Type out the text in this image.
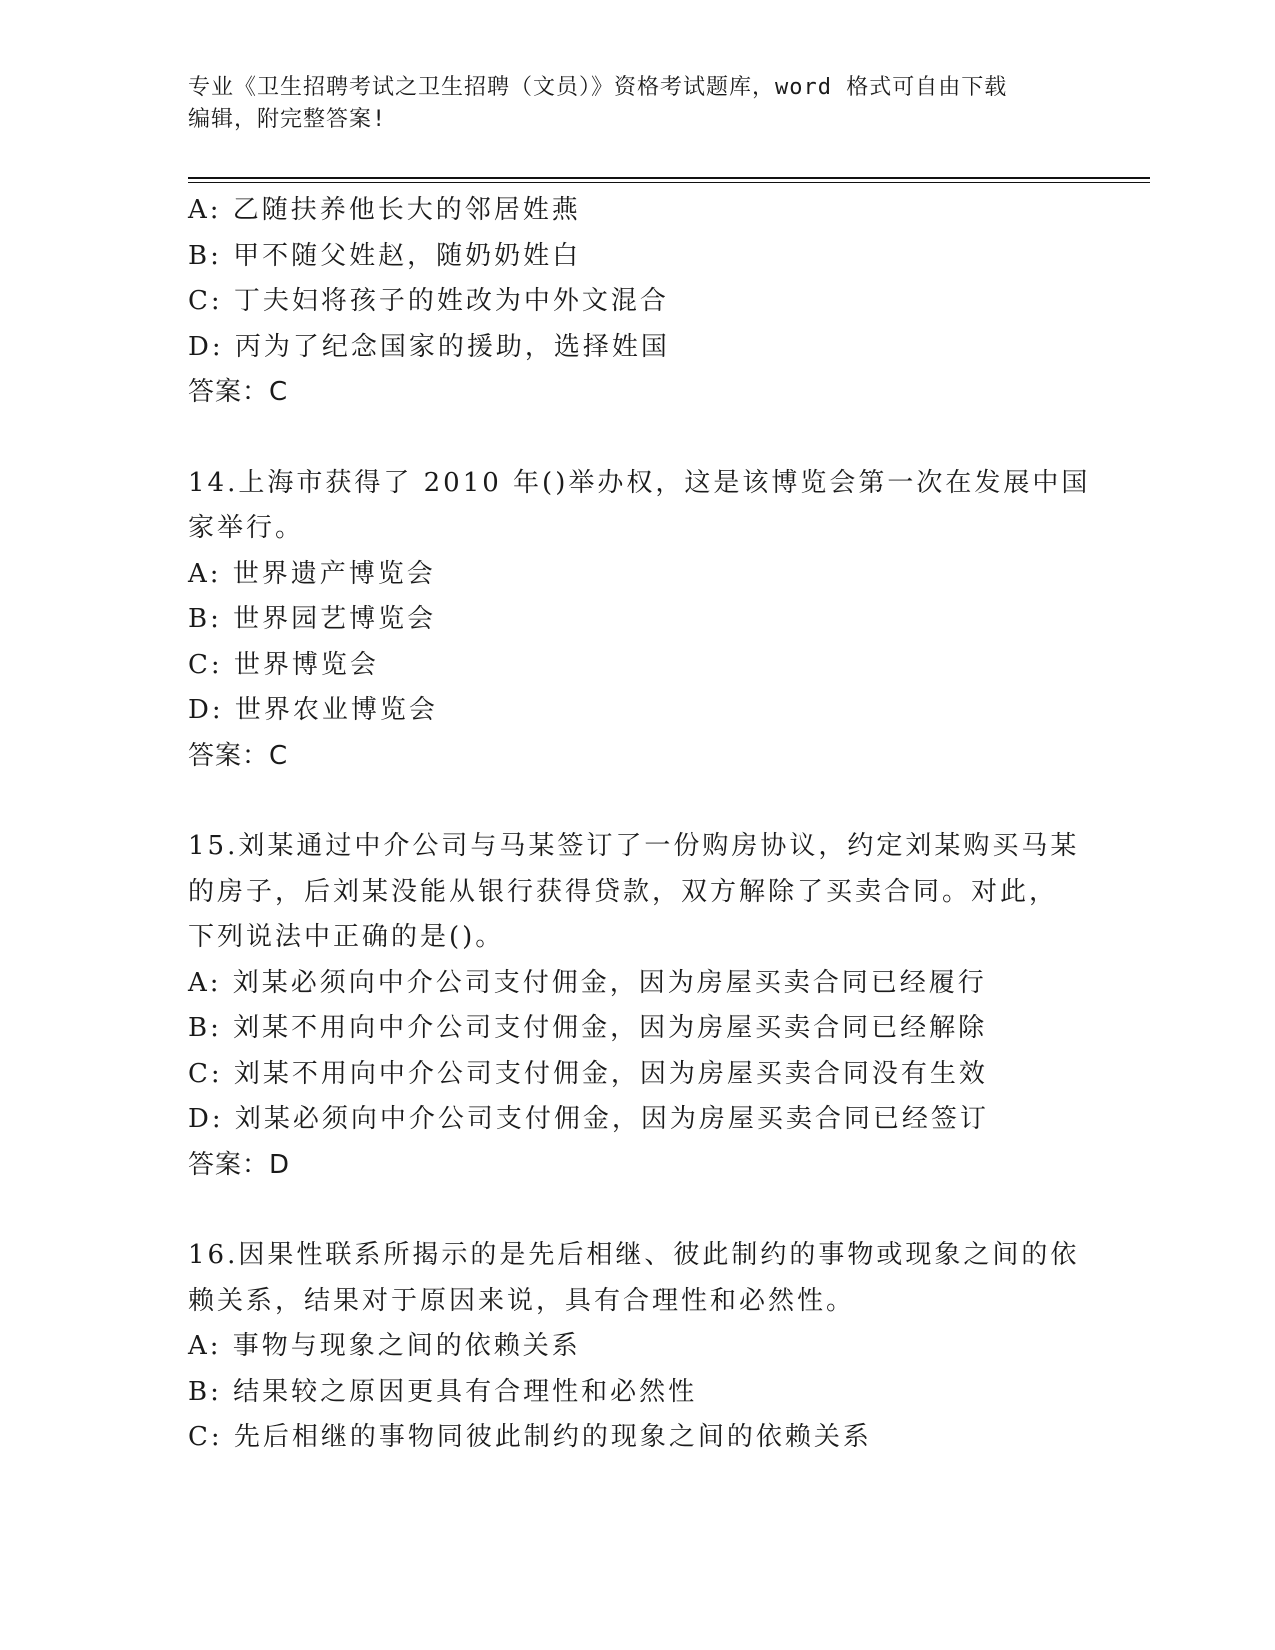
专业《卫生招聘考试之卫生招聘（文员）》资格考试题库，word 格式可自由下载
编辑，附完整答案!
A: 乙随扶养他长大的邻居姓燕
B: 甲不随父姓赵，随奶奶姓白
C: 丁夫妇将孩子的姓改为中外文混合
D: 丙为了纪念国家的援助，选择姓国
答案：C
14.上海市获得了 2010 年()举办权，这是该博览会第一次在发展中国
家举行。
A: 世界遗产博览会
B: 世界园艺博览会
C: 世界博览会
D: 世界农业博览会
答案：C
15.刘某通过中介公司与马某签订了一份购房协议，约定刘某购买马某
的房子，后刘某没能从银行获得贷款，双方解除了买卖合同。对此，
下列说法中正确的是()。
A: 刘某必须向中介公司支付佣金，因为房屋买卖合同已经履行
B: 刘某不用向中介公司支付佣金，因为房屋买卖合同已经解除
C: 刘某不用向中介公司支付佣金，因为房屋买卖合同没有生效
D: 刘某必须向中介公司支付佣金，因为房屋买卖合同已经签订
答案：D
16.因果性联系所揭示的是先后相继、彼此制约的事物或现象之间的依
赖关系，结果对于原因来说，具有合理性和必然性。
A: 事物与现象之间的依赖关系
B: 结果较之原因更具有合理性和必然性
C: 先后相继的事物同彼此制约的现象之间的依赖关系
